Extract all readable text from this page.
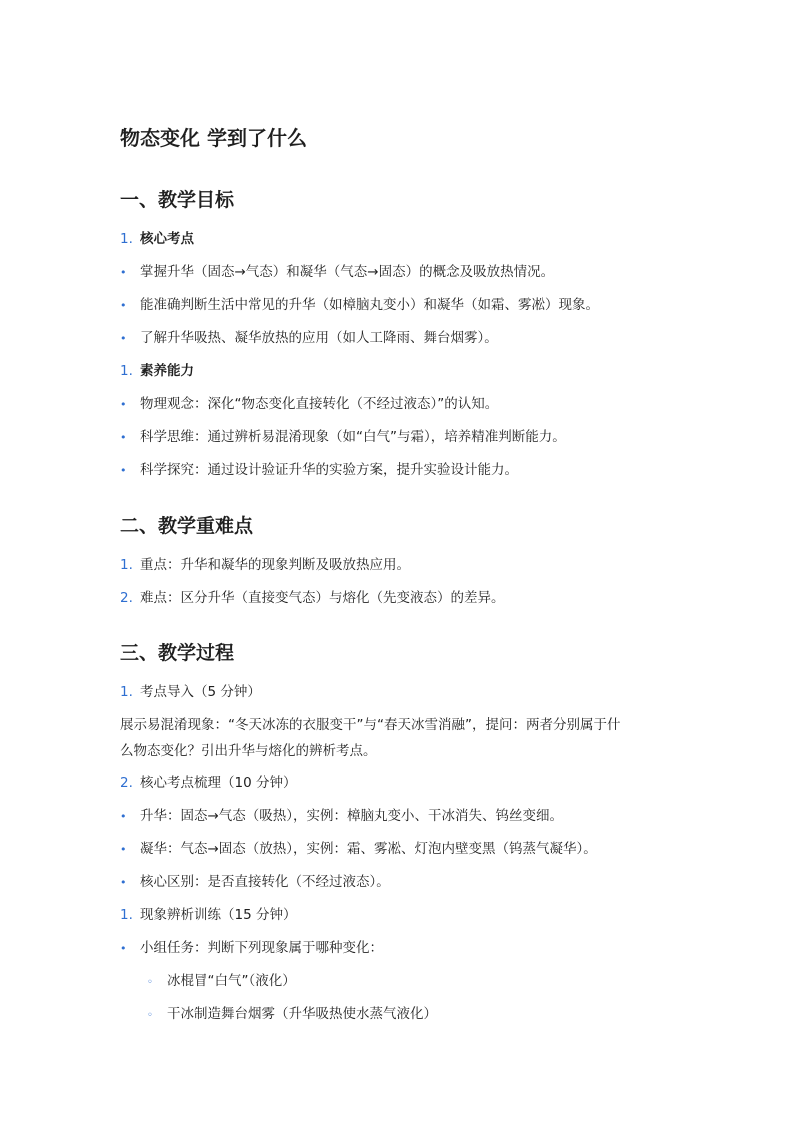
物态变化 学到了什么
一、教学目标
1. 核心考点
• 掌握升华（固态→气态）和凝华（气态→固态）的概念及吸放热情况。
• 能准确判断生活中常见的升华（如樟脑丸变小）和凝华（如霜、雾凇）现象。
• 了解升华吸热、凝华放热的应用（如人工降雨、舞台烟雾）。
1. 素养能力
• 物理观念：深化“物态变化直接转化（不经过液态）”的认知。
• 科学思维：通过辨析易混淆现象（如“白气”与霜），培养精准判断能力。
• 科学探究：通过设计验证升华的实验方案，提升实验设计能力。
二、教学重难点
1. 重点：升华和凝华的现象判断及吸放热应用。
2. 难点：区分升华（直接变气态）与熔化（先变液态）的差异。
三、教学过程
1. 考点导入（5 分钟）
展示易混淆现象：“冬天冰冻的衣服变干”与“春天冰雪消融”，提问：两者分别属于什
么物态变化？引出升华与熔化的辨析考点。
2. 核心考点梳理（10 分钟）
• 升华：固态→气态（吸热），实例：樟脑丸变小、干冰消失、钨丝变细。
• 凝华：气态→固态（放热），实例：霜、雾凇、灯泡内壁变黑（钨蒸气凝华）。
• 核心区别：是否直接转化（不经过液态）。
1. 现象辨析训练（15 分钟）
• 小组任务：判断下列现象属于哪种变化：
◦ 冰棍冒“白气”（液化）
◦ 干冰制造舞台烟雾（升华吸热使水蒸气液化）
